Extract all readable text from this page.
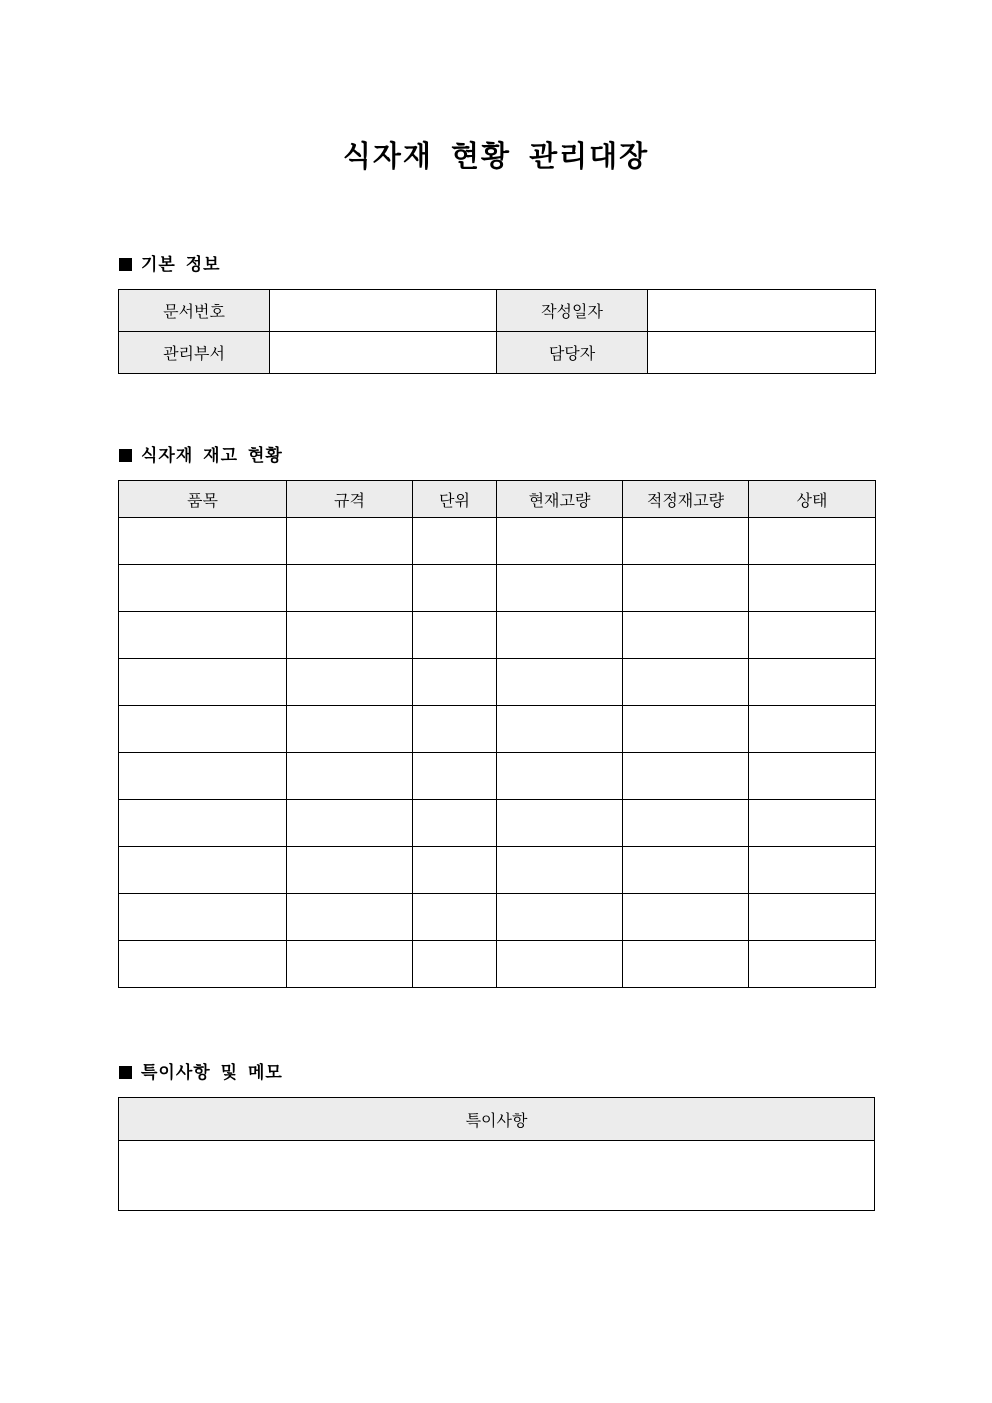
식자재 현황 관리대장
기본 정보
문서번호		작성일자	
관리부서		담당자	
식자재 재고 현황
품목	규격	단위	현재고량	적정재고량	상태

특이사항 및 메모
특이사항
